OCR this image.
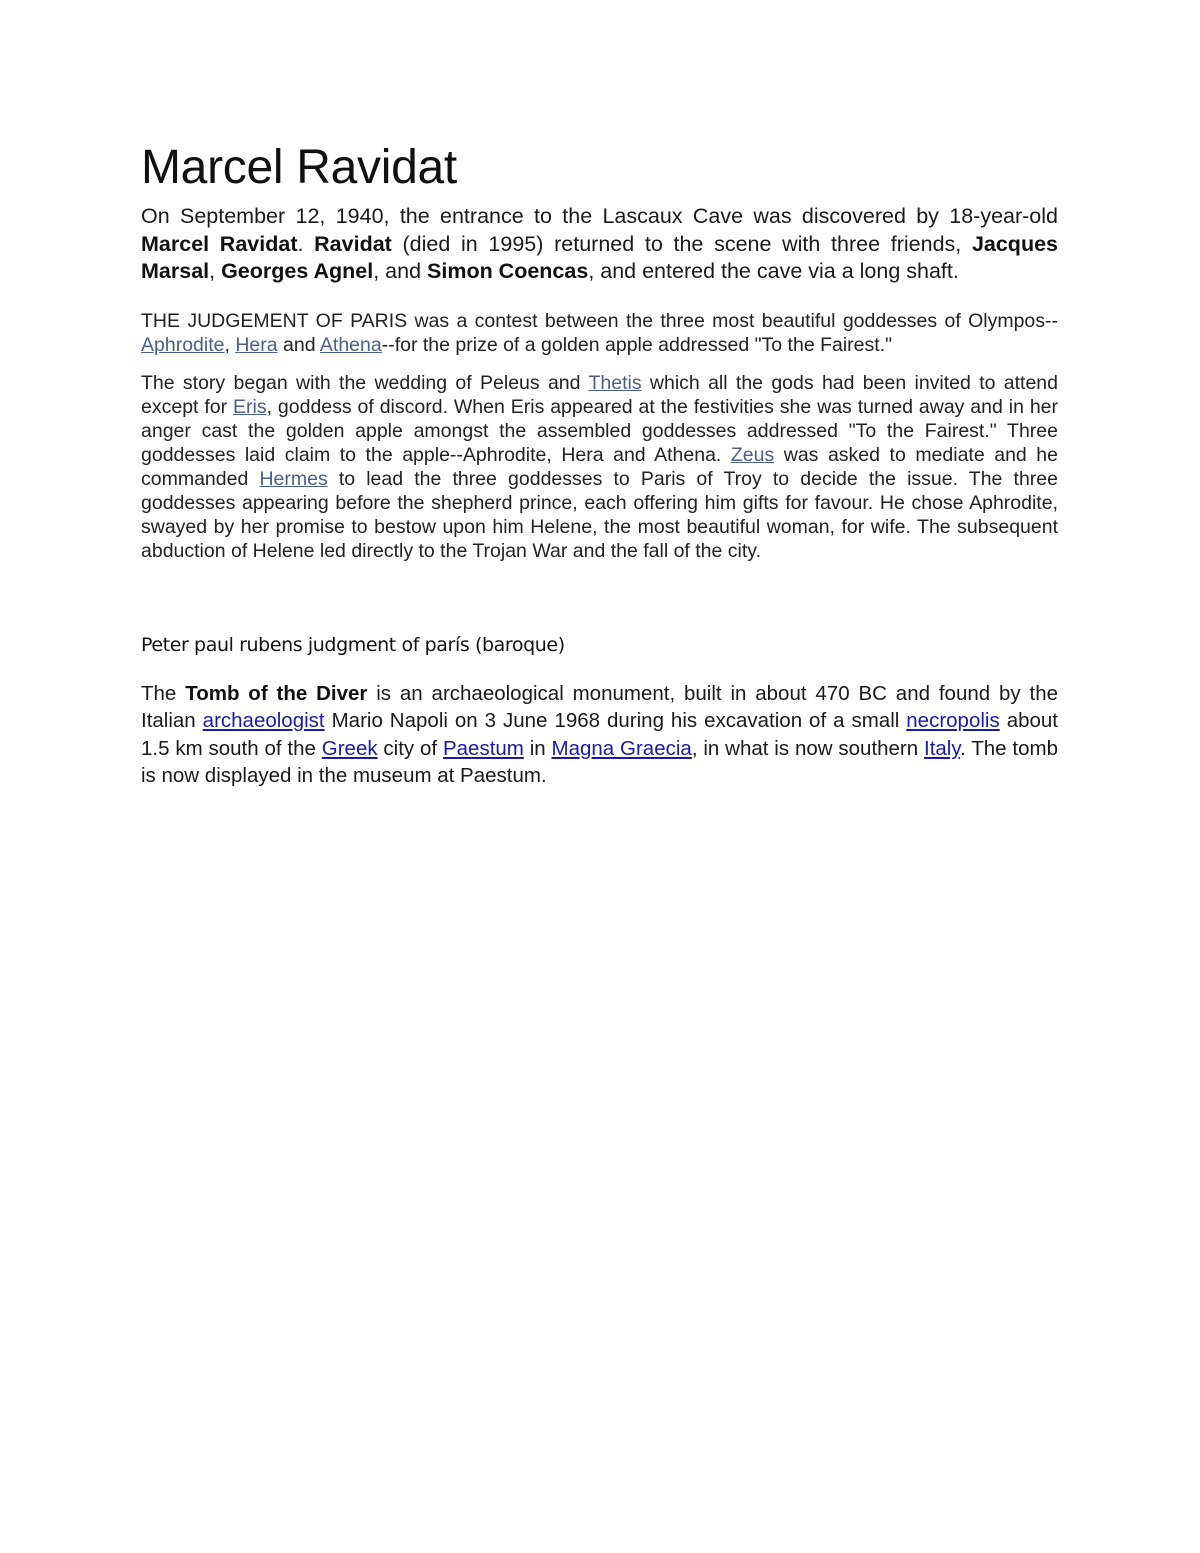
Marcel Ravidat

On September 12, 1940, the entrance to the Lascaux Cave was discovered by 18-year-old Marcel Ravidat. Ravidat (died in 1995) returned to the scene with three friends, Jacques Marsal, Georges Agnel, and Simon Coencas, and entered the cave via a long shaft.

THE JUDGEMENT OF PARIS was a contest between the three most beautiful goddesses of Olympos--Aphrodite, Hera and Athena--for the prize of a golden apple addressed "To the Fairest."

The story began with the wedding of Peleus and Thetis which all the gods had been invited to attend except for Eris, goddess of discord. When Eris appeared at the festivities she was turned away and in her anger cast the golden apple amongst the assembled goddesses addressed "To the Fairest." Three goddesses laid claim to the apple--Aphrodite, Hera and Athena. Zeus was asked to mediate and he commanded Hermes to lead the three goddesses to Paris of Troy to decide the issue. The three goddesses appearing before the shepherd prince, each offering him gifts for favour. He chose Aphrodite, swayed by her promise to bestow upon him Helene, the most beautiful woman, for wife. The subsequent abduction of Helene led directly to the Trojan War and the fall of the city.

Peter paul rubens judgment of parís (baroque)

The Tomb of the Diver is an archaeological monument, built in about 470 BC and found by the Italian archaeologist Mario Napoli on 3 June 1968 during his excavation of a small necropolis about 1.5 km south of the Greek city of Paestum in Magna Graecia, in what is now southern Italy. The tomb is now displayed in the museum at Paestum.
